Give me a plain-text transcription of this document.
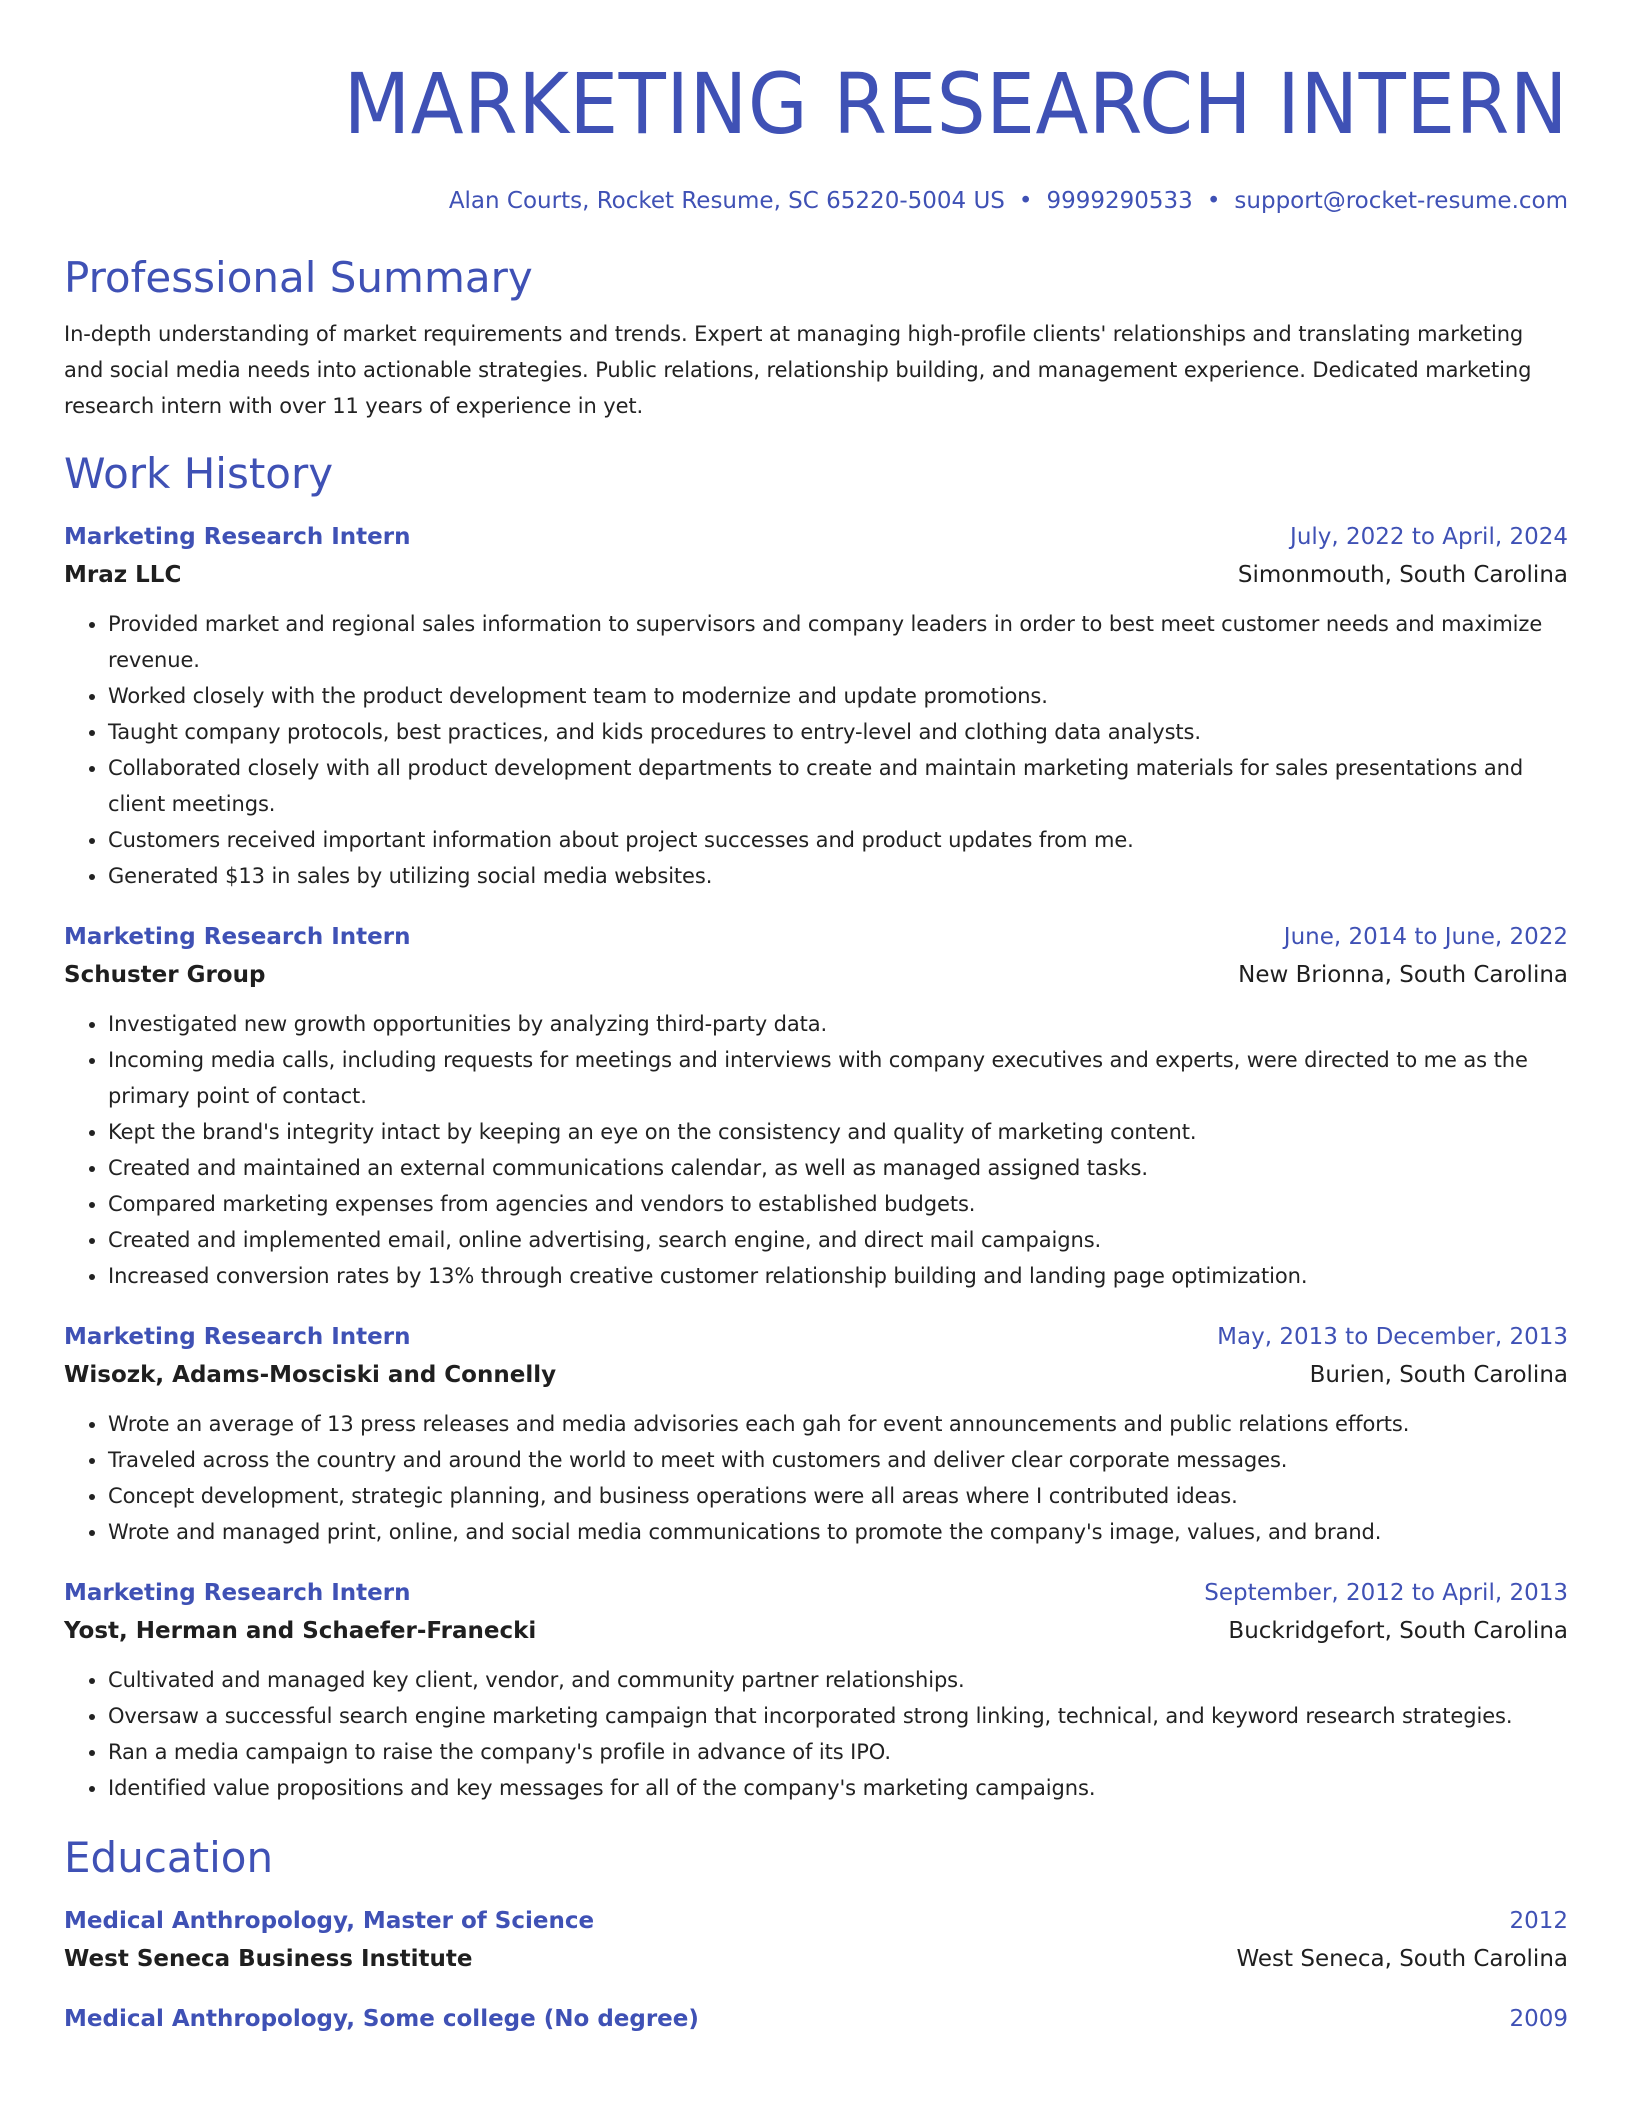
MARKETING RESEARCH INTERN
Alan Courts, Rocket Resume, SC 65220-5004 US • 9999290533 • support@rocket-resume.com
Professional Summary

In-depth understanding of market requirements and trends. Expert at managing high-profile clients' relationships and translating marketing and social media needs into actionable strategies. Public relations, relationship building, and management experience. Dedicated marketing research intern with over 11 years of experience in yet.

Work History
Marketing Research Intern	July, 2022 to April, 2024
Mraz LLC	Simonmouth, South Carolina
• Provided market and regional sales information to supervisors and company leaders in order to best meet customer needs and maximize revenue.
• Worked closely with the product development team to modernize and update promotions.
• Taught company protocols, best practices, and kids procedures to entry-level and clothing data analysts.
• Collaborated closely with all product development departments to create and maintain marketing materials for sales presentations and client meetings.
• Customers received important information about project successes and product updates from me.
• Generated $13 in sales by utilizing social media websites.
Marketing Research Intern	June, 2014 to June, 2022
Schuster Group	New Brionna, South Carolina
• Investigated new growth opportunities by analyzing third-party data.
• Incoming media calls, including requests for meetings and interviews with company executives and experts, were directed to me as the primary point of contact.
• Kept the brand's integrity intact by keeping an eye on the consistency and quality of marketing content.
• Created and maintained an external communications calendar, as well as managed assigned tasks.
• Compared marketing expenses from agencies and vendors to established budgets.
• Created and implemented email, online advertising, search engine, and direct mail campaigns.
• Increased conversion rates by 13% through creative customer relationship building and landing page optimization.
Marketing Research Intern	May, 2013 to December, 2013
Wisozk, Adams-Mosciski and Connelly	Burien, South Carolina
• Wrote an average of 13 press releases and media advisories each gah for event announcements and public relations efforts.
• Traveled across the country and around the world to meet with customers and deliver clear corporate messages.
• Concept development, strategic planning, and business operations were all areas where I contributed ideas.
• Wrote and managed print, online, and social media communications to promote the company's image, values, and brand.
Marketing Research Intern	September, 2012 to April, 2013
Yost, Herman and Schaefer-Franecki	Buckridgefort, South Carolina
• Cultivated and managed key client, vendor, and community partner relationships.
• Oversaw a successful search engine marketing campaign that incorporated strong linking, technical, and keyword research strategies.
• Ran a media campaign to raise the company's profile in advance of its IPO.
• Identified value propositions and key messages for all of the company's marketing campaigns.
Education
Medical Anthropology, Master of Science	2012
West Seneca Business Institute	West Seneca, South Carolina
Medical Anthropology, Some college (No degree)	2009
